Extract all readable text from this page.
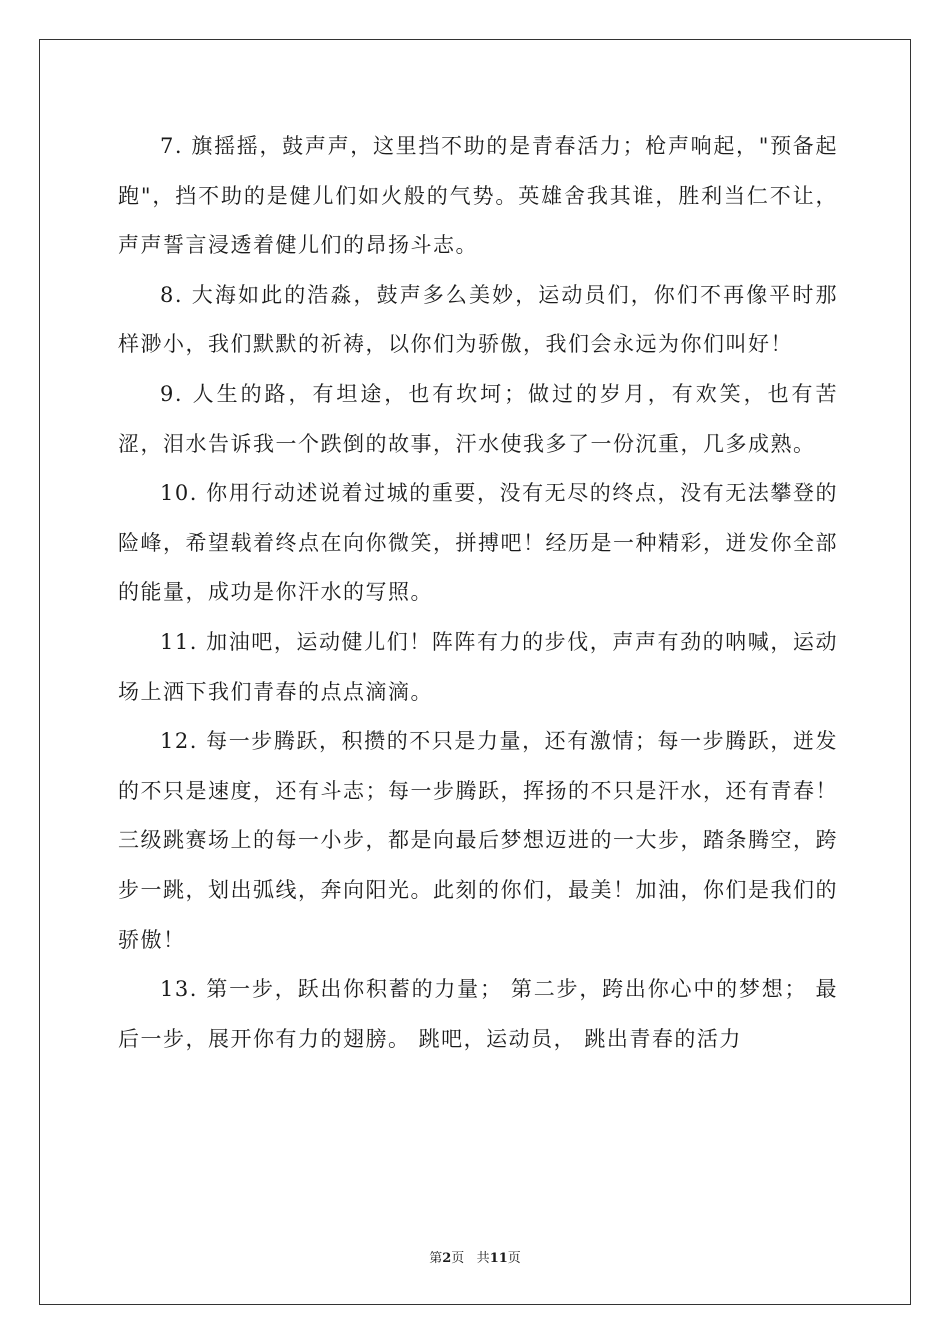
7. 旗摇摇，鼓声声，这里挡不助的是青春活力；枪声响起，"预备起跑"，挡不助的是健儿们如火般的气势。英雄舍我其谁，胜利当仁不让，声声誓言浸透着健儿们的昂扬斗志。

8. 大海如此的浩淼，鼓声多么美妙，运动员们，你们不再像平时那样渺小，我们默默的祈祷，以你们为骄傲，我们会永远为你们叫好！

9. 人生的路，有坦途，也有坎坷；做过的岁月，有欢笑，也有苦涩，泪水告诉我一个跌倒的故事，汗水使我多了一份沉重，几多成熟。

10. 你用行动述说着过城的重要，没有无尽的终点，没有无法攀登的险峰，希望载着终点在向你微笑，拼搏吧！经历是一种精彩，迸发你全部的能量，成功是你汗水的写照。

11. 加油吧，运动健儿们！阵阵有力的步伐，声声有劲的呐喊，运动场上洒下我们青春的点点滴滴。

12. 每一步腾跃，积攒的不只是力量，还有激情；每一步腾跃，迸发的不只是速度，还有斗志；每一步腾跃，挥扬的不只是汗水，还有青春！三级跳赛场上的每一小步，都是向最后梦想迈进的一大步，踏条腾空，跨步一跳，划出弧线，奔向阳光。此刻的你们，最美！加油，你们是我们的骄傲！

13. 第一步，跃出你积蓄的力量； 第二步，跨出你心中的梦想； 最后一步，展开你有力的翅膀。 跳吧，运动员， 跳出青春的活力

第2页 共11页
